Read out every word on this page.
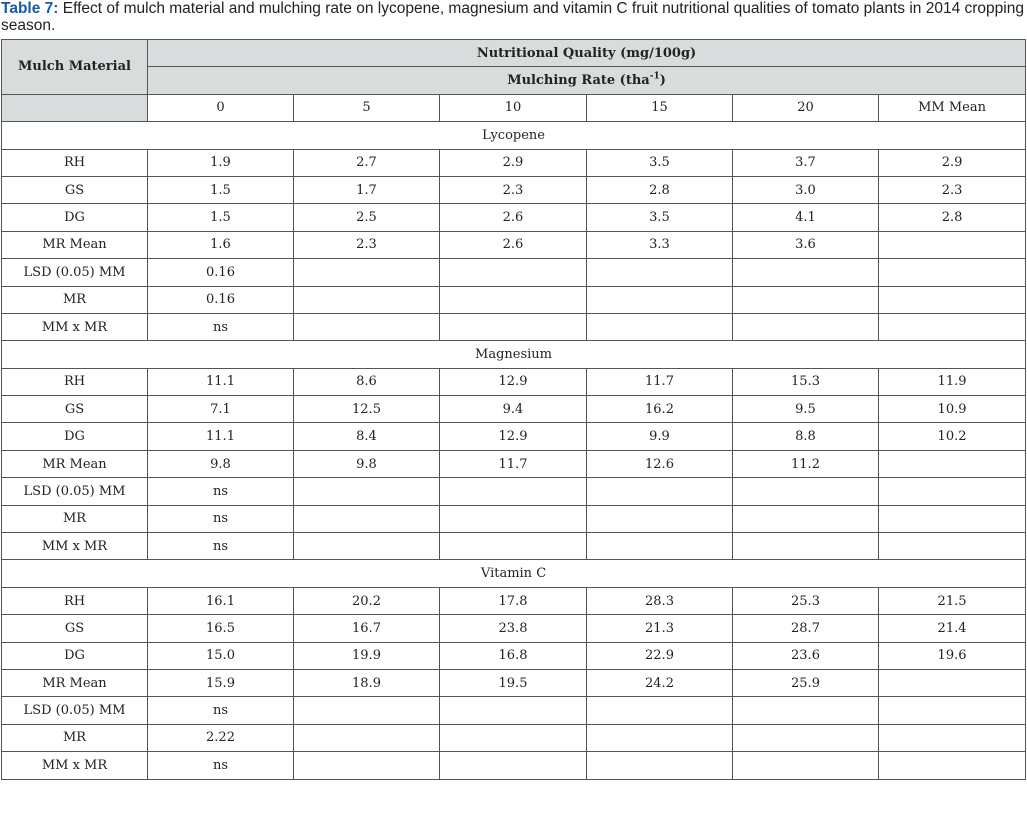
Table 7: Effect of mulch material and mulching rate on lycopene, magnesium and vitamin C fruit nutritional qualities of tomato plants in 2014 cropping season.
Mulch Material	Nutritional Quality (mg/100g)					
	Mulching Rate (tha$^{-1}$)					
	0	5	10	15	20	MM Mean
Lycopene						
RH	1.9	2.7	2.9	3.5	3.7	2.9
GS	1.5	1.7	2.3	2.8	3.0	2.3
DG	1.5	2.5	2.6	3.5	4.1	2.8
MR Mean	1.6	2.3	2.6	3.3	3.6	
LSD (0.05) MM	0.16					
MR	0.16					
MM x MR	ns					
Magnesium						
RH	11.1	8.6	12.9	11.7	15.3	11.9
GS	7.1	12.5	9.4	16.2	9.5	10.9
DG	11.1	8.4	12.9	9.9	8.8	10.2
MR Mean	9.8	9.8	11.7	12.6	11.2	
LSD (0.05) MM	ns					
MR	ns					
MM x MR	ns					
Vitamin C						
RH	16.1	20.2	17.8	28.3	25.3	21.5
GS	16.5	16.7	23.8	21.3	28.7	21.4
DG	15.0	19.9	16.8	22.9	23.6	19.6
MR Mean	15.9	18.9	19.5	24.2	25.9	
LSD (0.05) MM	ns					
MR	2.22					
MM x MR	ns					
